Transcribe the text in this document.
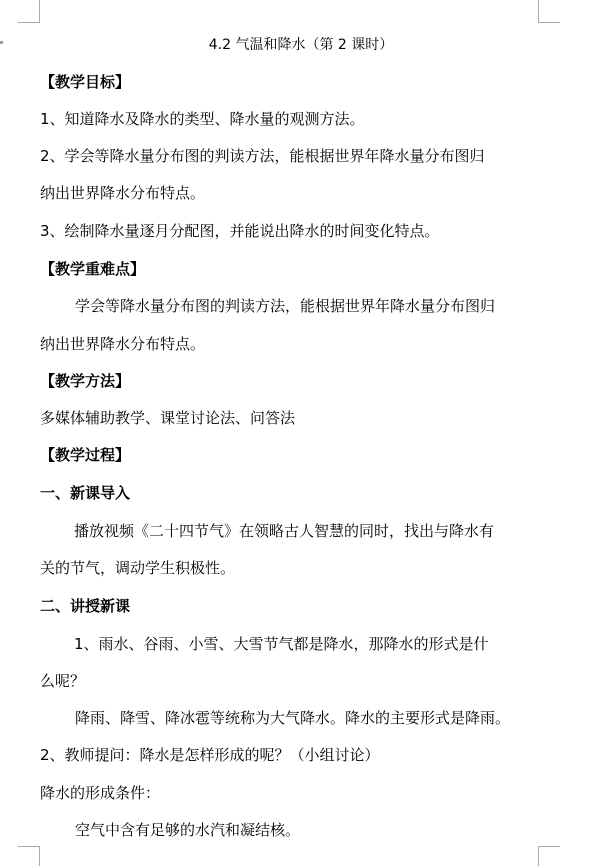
4.2 气温和降水（第 2 课时）
【教学目标】
1、知道降水及降水的类型、降水量的观测方法。
2、学会等降水量分布图的判读方法，能根据世界年降水量分布图归
纳出世界降水分布特点。
3、绘制降水量逐月分配图，并能说出降水的时间变化特点。
【教学重难点】
学会等降水量分布图的判读方法，能根据世界年降水量分布图归
纳出世界降水分布特点。
【教学方法】
多媒体辅助教学、课堂讨论法、问答法
【教学过程】
一、新课导入
播放视频《二十四节气》在领略古人智慧的同时，找出与降水有
关的节气，调动学生积极性。
二、讲授新课
1、雨水、谷雨、小雪、大雪节气都是降水，那降水的形式是什
么呢？
降雨、降雪、降冰雹等统称为大气降水。降水的主要形式是降雨。
2、教师提问：降水是怎样形成的呢？（小组讨论）
降水的形成条件：
空气中含有足够的水汽和凝结核。
